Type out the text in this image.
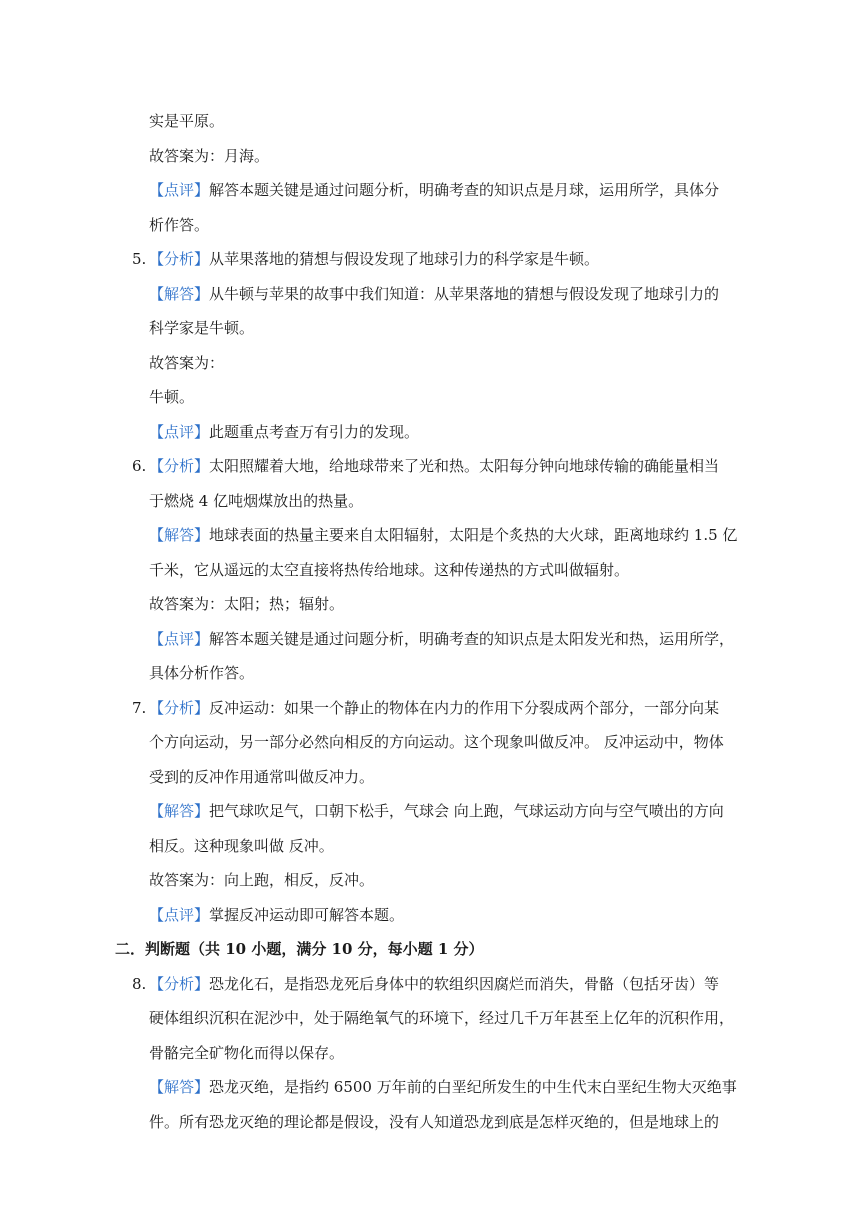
实是平原。
故答案为：月海。
【点评】解答本题关键是通过问题分析，明确考查的知识点是月球，运用所学，具体分
析作答。
5. 【分析】从苹果落地的猜想与假设发现了地球引力的科学家是牛顿。
【解答】从牛顿与苹果的故事中我们知道：从苹果落地的猜想与假设发现了地球引力的
科学家是牛顿。
故答案为：
牛顿。
【点评】此题重点考查万有引力的发现。
6. 【分析】太阳照耀着大地，给地球带来了光和热。太阳每分钟向地球传输的确能量相当
于燃烧 4 亿吨烟煤放出的热量。
【解答】地球表面的热量主要来自太阳辐射，太阳是个炙热的大火球，距离地球约 1.5 亿
千米，它从遥远的太空直接将热传给地球。这种传递热的方式叫做辐射。
故答案为：太阳；热；辐射。
【点评】解答本题关键是通过问题分析，明确考查的知识点是太阳发光和热，运用所学，
具体分析作答。
7. 【分析】反冲运动：如果一个静止的物体在内力的作用下分裂成两个部分，一部分向某
个方向运动，另一部分必然向相反的方向运动。这个现象叫做反冲。 反冲运动中，物体
受到的反冲作用通常叫做反冲力。
【解答】把气球吹足气，口朝下松手，气球会 向上跑，气球运动方向与空气喷出的方向
相反。这种现象叫做 反冲。
故答案为：向上跑，相反，反冲。
【点评】掌握反冲运动即可解答本题。
二．判断题（共 10 小题，满分 10 分，每小题 1 分）
8. 【分析】恐龙化石，是指恐龙死后身体中的软组织因腐烂而消失，骨骼（包括牙齿）等
硬体组织沉积在泥沙中，处于隔绝氧气的环境下，经过几千万年甚至上亿年的沉积作用，
骨骼完全矿物化而得以保存。
【解答】恐龙灭绝，是指约 6500 万年前的白垩纪所发生的中生代末白垩纪生物大灭绝事
件。所有恐龙灭绝的理论都是假设，没有人知道恐龙到底是怎样灭绝的，但是地球上的
